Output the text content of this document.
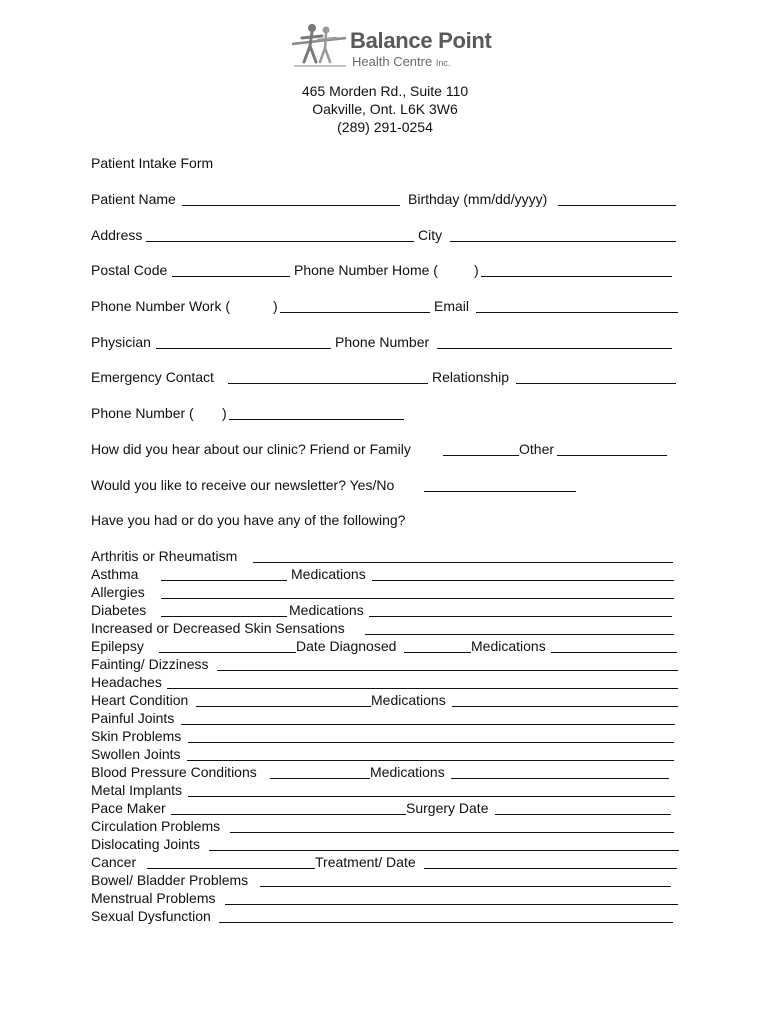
Balance Point
Health Centre Inc.
465 Morden Rd., Suite 110
Oakville, Ont. L6K 3W6
(289) 291-0254
Patient Intake Form
Patient Name	Birthday (mm/dd/yyyy)
Address	City
Postal Code	Phone Number Home (	)
Phone Number Work (	)	Email
Physician	Phone Number
Emergency Contact	Relationship
Phone Number ( )
How did you hear about our clinic? Friend or Family	Other
Would you like to receive our newsletter? Yes/No
Have you had or do you have any of the following?
Arthritis or Rheumatism
Asthma	Medications
Allergies
Diabetes	Medications
Increased or Decreased Skin Sensations
Epilepsy	Date Diagnosed	Medications
Fainting/ Dizziness
Headaches
Heart Condition	Medications
Painful Joints
Skin Problems
Swollen Joints
Blood Pressure Conditions	Medications
Metal Implants
Pace Maker	Surgery Date
Circulation Problems
Dislocating Joints
Cancer	Treatment/ Date
Bowel/ Bladder Problems
Menstrual Problems
Sexual Dysfunction
